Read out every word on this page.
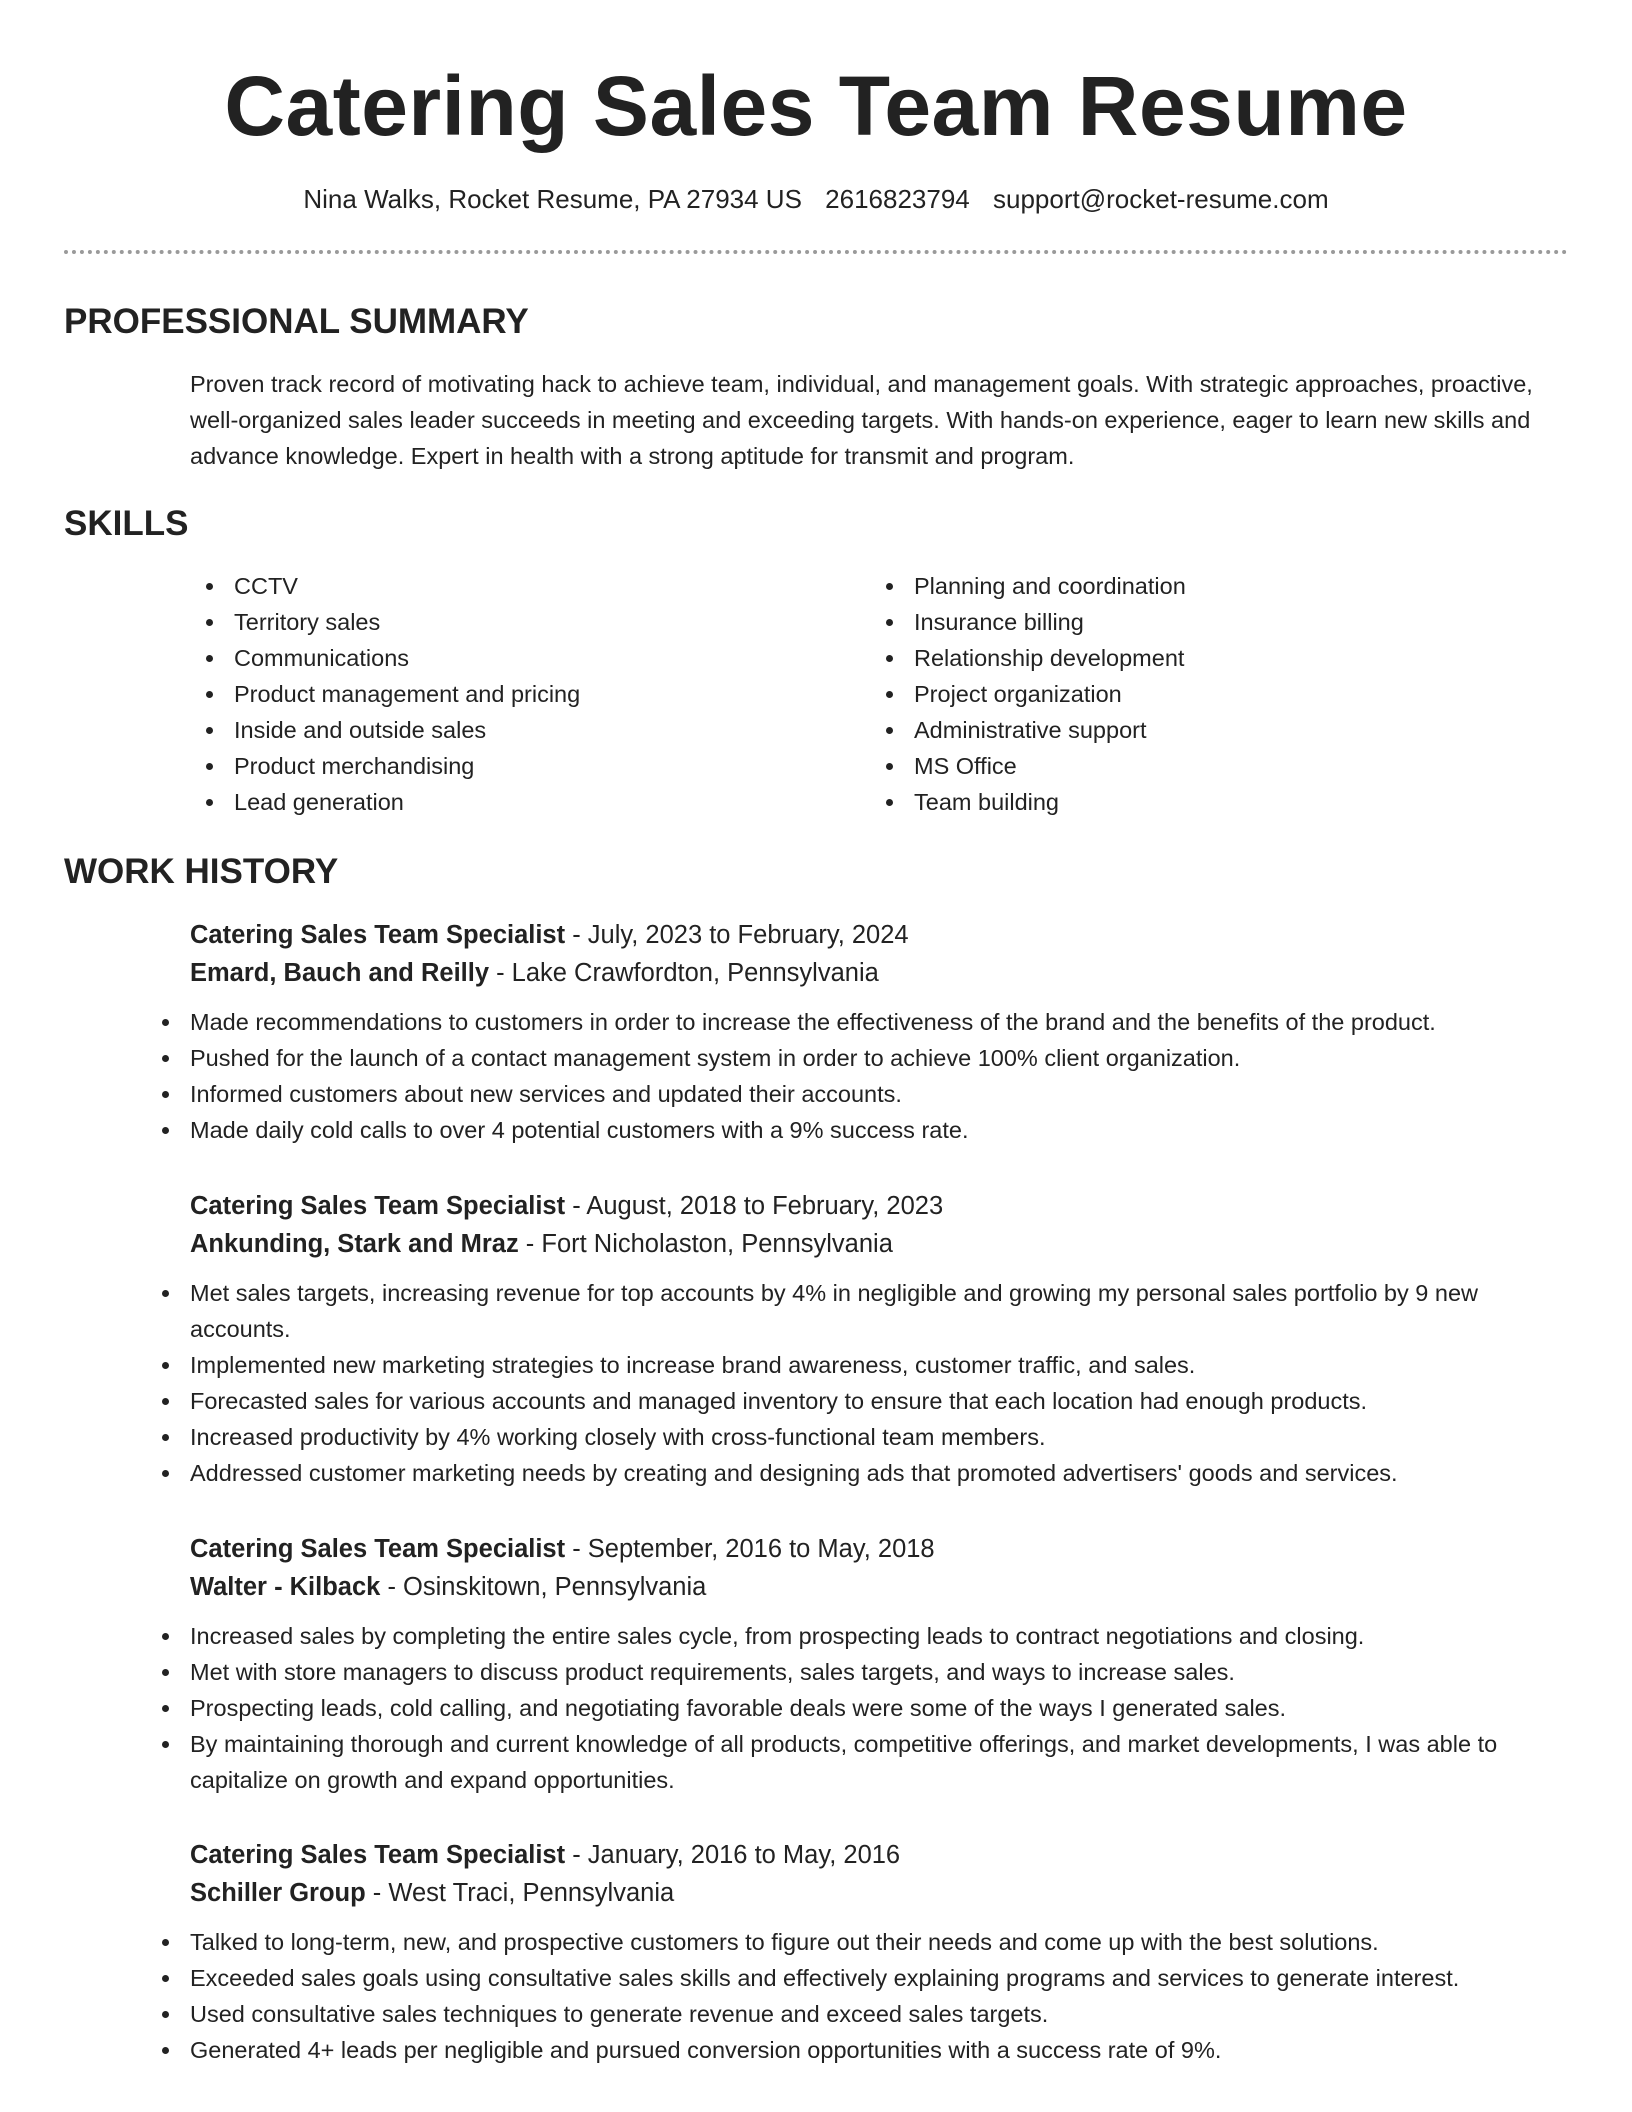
Catering Sales Team Resume
Nina Walks, Rocket Resume, PA 27934 US 2616823794 support@rocket-resume.com
PROFESSIONAL SUMMARY

Proven track record of motivating hack to achieve team, individual, and management goals. With strategic approaches, proactive, well-organized sales leader succeeds in meeting and exceeding targets. With hands-on experience, eager to learn new skills and advance knowledge. Expert in health with a strong aptitude for transmit and program.

SKILLS
CCTV
Territory sales
Communications
Product management and pricing
Inside and outside sales
Product merchandising
Lead generation
Planning and coordination
Insurance billing
Relationship development
Project organization
Administrative support
MS Office
Team building
WORK HISTORY
Catering Sales Team Specialist - July, 2023 to February, 2024
Emard, Bauch and Reilly - Lake Crawfordton, Pennsylvania
Made recommendations to customers in order to increase the effectiveness of the brand and the benefits of the product.
Pushed for the launch of a contact management system in order to achieve 100% client organization.
Informed customers about new services and updated their accounts.
Made daily cold calls to over 4 potential customers with a 9% success rate.
Catering Sales Team Specialist - August, 2018 to February, 2023
Ankunding, Stark and Mraz - Fort Nicholaston, Pennsylvania
Met sales targets, increasing revenue for top accounts by 4% in negligible and growing my personal sales portfolio by 9 new accounts.
Implemented new marketing strategies to increase brand awareness, customer traffic, and sales.
Forecasted sales for various accounts and managed inventory to ensure that each location had enough products.
Increased productivity by 4% working closely with cross-functional team members.
Addressed customer marketing needs by creating and designing ads that promoted advertisers' goods and services.
Catering Sales Team Specialist - September, 2016 to May, 2018
Walter - Kilback - Osinskitown, Pennsylvania
Increased sales by completing the entire sales cycle, from prospecting leads to contract negotiations and closing.
Met with store managers to discuss product requirements, sales targets, and ways to increase sales.
Prospecting leads, cold calling, and negotiating favorable deals were some of the ways I generated sales.
By maintaining thorough and current knowledge of all products, competitive offerings, and market developments, I was able to capitalize on growth and expand opportunities.
Catering Sales Team Specialist - January, 2016 to May, 2016
Schiller Group - West Traci, Pennsylvania
Talked to long-term, new, and prospective customers to figure out their needs and come up with the best solutions.
Exceeded sales goals using consultative sales skills and effectively explaining programs and services to generate interest.
Used consultative sales techniques to generate revenue and exceed sales targets.
Generated 4+ leads per negligible and pursued conversion opportunities with a success rate of 9%.
